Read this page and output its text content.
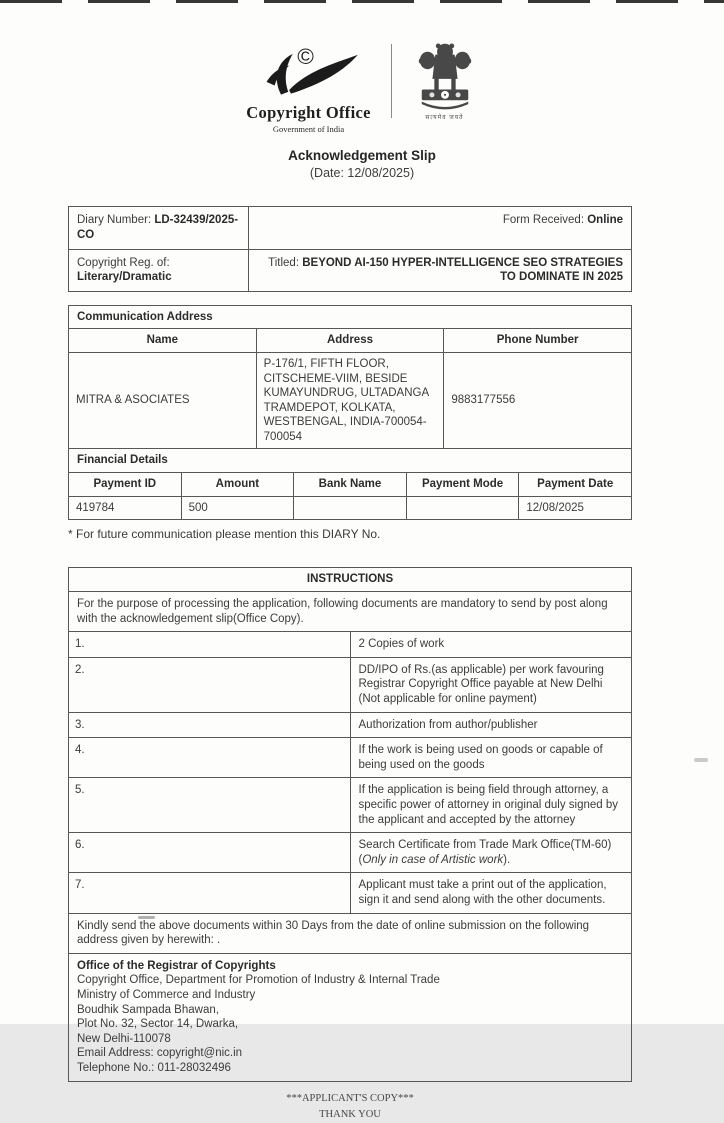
©
Copyright Office
Government of India
सत्यमेव जयते
Acknowledgement Slip
(Date: 12/08/2025)
Diary Number: LD-32439/2025-CO	Form Received: Online
Copyright Reg. of: Literary/Dramatic	Titled: BEYOND AI-150 HYPER-INTELLIGENCE SEO STRATEGIES TO DOMINATE IN 2025
Communication Address		
Name	Address	Phone Number
MITRA & ASOCIATES	P-176/1, FIFTH FLOOR, CITSCHEME-VIIM, BESIDE KUMAYUNDRUG, ULTADANGA TRAMDEPOT, KOLKATA, WESTBENGAL, INDIA-700054-700054	9883177556
Financial Details				
Payment ID	Amount	Bank Name	Payment Mode	Payment Date
419784	500			12/08/2025
* For future communication please mention this DIARY No.
INSTRUCTIONS	
For the purpose of processing the application, following documents are mandatory to send by post along with the acknowledgement slip(Office Copy).	
1.	2 Copies of work
2.	DD/IPO of Rs.(as applicable) per work favouring Registrar Copyright Office payable at New Delhi (Not applicable for online payment)
3.	Authorization from author/publisher
4.	If the work is being used on goods or capable of being used on the goods
5.	If the application is being field through attorney, a specific power of attorney in original duly signed by the applicant and accepted by the attorney
6.	Search Certificate from Trade Mark Office(TM-60) (Only in case of Artistic work).
7.	Applicant must take a print out of the application, sign it and send along with the other documents.
Kindly send the above documents within 30 Days from the date of online submission on the following address given by herewith: .	

Office of the Registrar of Copyrights
Copyright Office, Department for Promotion of Industry & Internal Trade
Ministry of Commerce and Industry
Boudhik Sampada Bhawan,
Plot No. 32, Sector 14, Dwarka,
New Delhi-110078
Email Address: copyright@nic.in
Telephone No.: 011-28032496
***APPLICANT'S COPY***
THANK YOU
